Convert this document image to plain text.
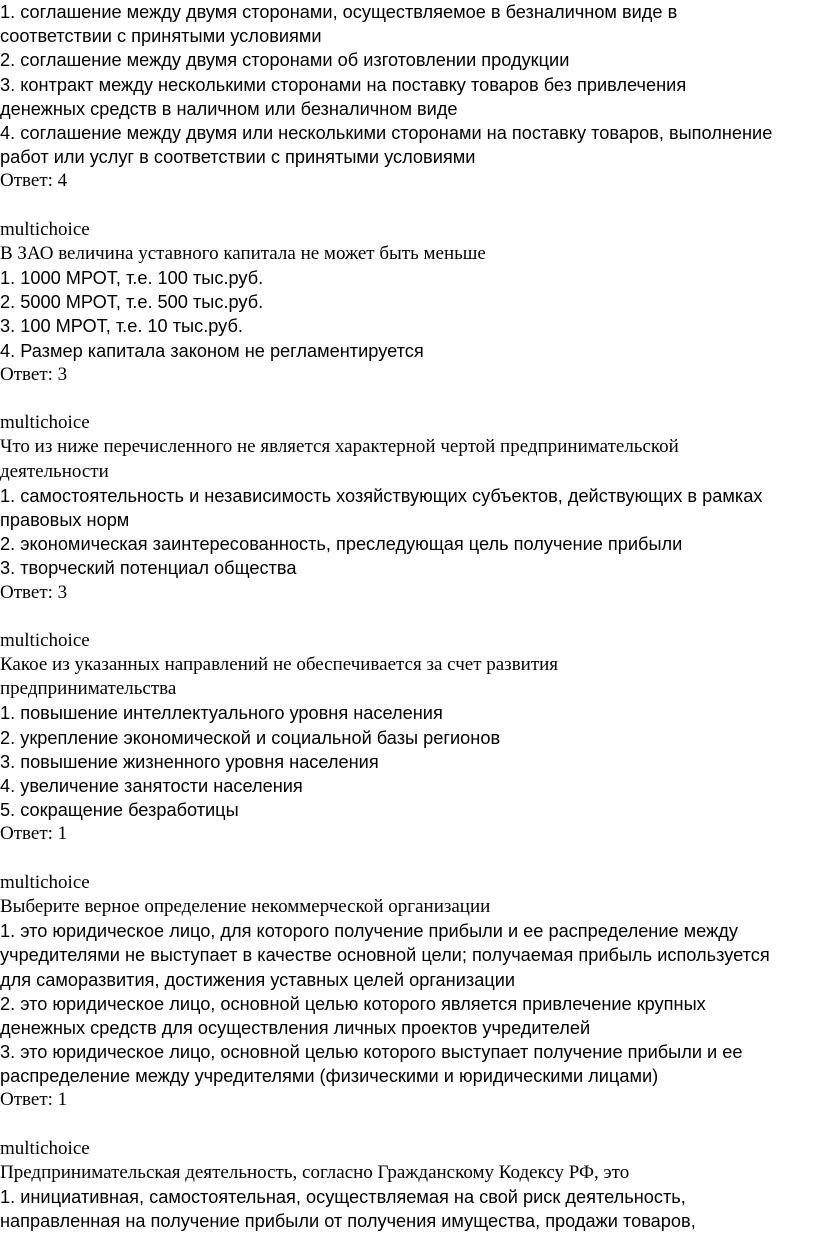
1. соглашение между двумя сторонами, осуществляемое в безналичном виде в
соответствии с принятыми условиями
2. соглашение между двумя сторонами об изготовлении продукции
3. контракт между несколькими сторонами на поставку товаров без привлечения
денежных средств в наличном или безналичном виде
4. соглашение между двумя или несколькими сторонами на поставку товаров, выполнение
работ или услуг в соответствии с принятыми условиями
Ответ: 4
multichoice
В ЗАО величина уставного капитала не может быть меньше
1. 1000 МРОТ, т.е. 100 тыс.руб.
2. 5000 МРОТ, т.е. 500 тыс.руб.
3. 100 МРОТ, т.е. 10 тыс.руб.
4. Размер капитала законом не регламентируется
Ответ: 3
multichoice
Что из ниже перечисленного не является характерной чертой предпринимательской
деятельности
1. самостоятельность и независимость хозяйствующих субъектов, действующих в рамках
правовых норм
2. экономическая заинтересованность, преследующая цель получение прибыли
3. творческий потенциал общества
Ответ: 3
multichoice
Какое из указанных направлений не обеспечивается за счет развития
предпринимательства
1. повышение интеллектуального уровня населения
2. укрепление экономической и социальной базы регионов
3. повышение жизненного уровня населения
4. увеличение занятости населения
5. сокращение безработицы
Ответ: 1
multichoice
Выберите верное определение некоммерческой организации
1. это юридическое лицо, для которого получение прибыли и ее распределение между
учредителями не выступает в качестве основной цели; получаемая прибыль используется
для саморазвития, достижения уставных целей организации
2. это юридическое лицо, основной целью которого является привлечение крупных
денежных средств для осуществления личных проектов учредителей
3. это юридическое лицо, основной целью которого выступает получение прибыли и ее
распределение между учредителями (физическими и юридическими лицами)
Ответ: 1
multichoice
Предпринимательская деятельность, согласно Гражданскому Кодексу РФ, это
1. инициативная, самостоятельная, осуществляемая на свой риск деятельность,
направленная на получение прибыли от получения имущества, продажи товаров,
